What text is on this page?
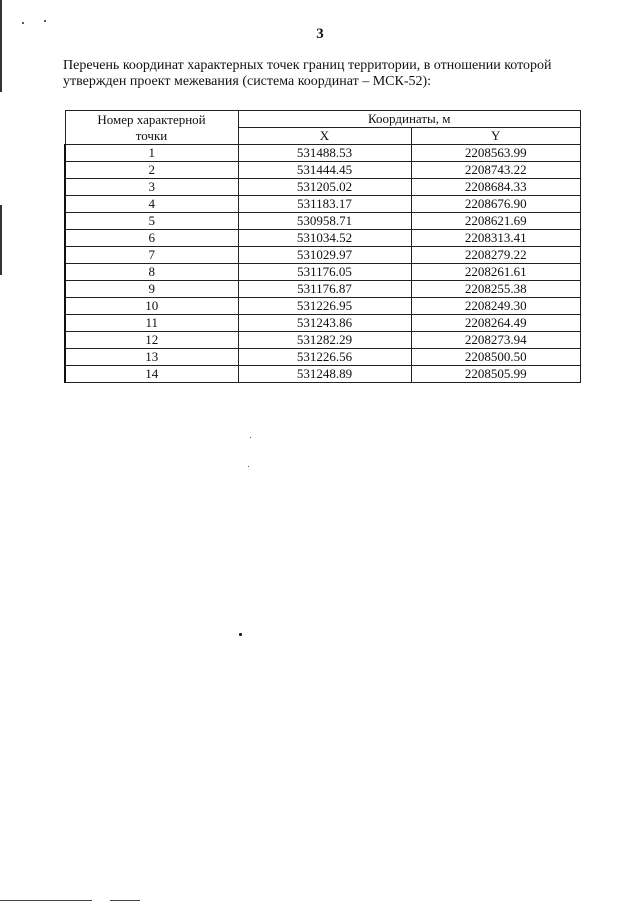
3
Перечень координат характерных точек границ территории, в отношении которой
утвержден проект межевания (система координат – МСК-52):
Номер характерной
точки	Координаты, м	
	X	Y
1	531488.53	2208563.99
2	531444.45	2208743.22
3	531205.02	2208684.33
4	531183.17	2208676.90
5	530958.71	2208621.69
6	531034.52	2208313.41
7	531029.97	2208279.22
8	531176.05	2208261.61
9	531176.87	2208255.38
10	531226.95	2208249.30
11	531243.86	2208264.49
12	531282.29	2208273.94
13	531226.56	2208500.50
14	531248.89	2208505.99
